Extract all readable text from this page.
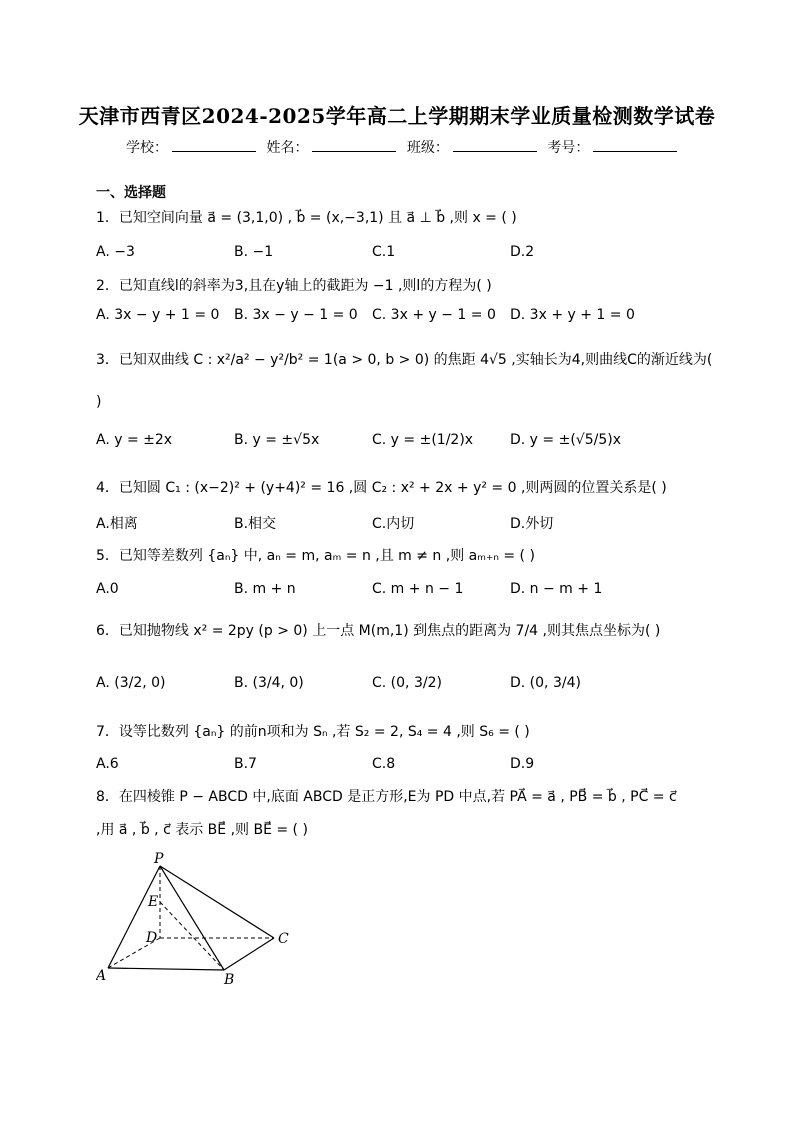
天津市西青区2024-2025学年高二上学期期末学业质量检测数学试卷
学校：	姓名：	班级：	考号：
一、选择题
1．已知空间向量 a⃗ = (3,1,0) , b⃗ = (x,−3,1) 且 a⃗ ⊥ b⃗ ,则 x = ( )
A. −3	B. −1	C.1	D.2
2．已知直线l的斜率为3,且在y轴上的截距为 −1 ,则l的方程为( )
A. 3x − y + 1 = 0 B. 3x − y − 1 = 0 C. 3x + y − 1 = 0 D. 3x + y + 1 = 0
3．已知双曲线 C : x²/a² − y²/b² = 1(a > 0, b > 0) 的焦距 4√5 ,实轴长为4,则曲线C的渐近线为(
)
A. y = ±2x	B. y = ±√5x	C. y = ±(1/2)x	D. y = ±(√5/5)x
4．已知圆 C₁ : (x−2)² + (y+4)² = 16 ,圆 C₂ : x² + 2x + y² = 0 ,则两圆的位置关系是( )
A.相离	B.相交	C.内切	D.外切
5．已知等差数列 {aₙ} 中, aₙ = m, aₘ = n ,且 m ≠ n ,则 aₘ₊ₙ = ( )
A.0	B. m + n	C. m + n − 1	D. n − m + 1
6．已知抛物线 x² = 2py (p > 0) 上一点 M(m,1) 到焦点的距离为 7/4 ,则其焦点坐标为( )
A. (3/2, 0)	B. (3/4, 0)	C. (0, 3/2)	D. (0, 3/4)
7．设等比数列 {aₙ} 的前n项和为 Sₙ ,若 S₂ = 2, S₄ = 4 ,则 S₆ = ( )
A.6	B.7	C.8	D.9
8．在四棱锥 P − ABCD 中,底面 ABCD 是正方形,E为 PD 中点,若 PA⃗ = a⃗ , PB⃗ = b⃗ , PC⃗ = c⃗
,用 a⃗ , b⃗ , c⃗ 表示 BE⃗ ,则 BE⃗ = ( )
P
E
D	C
A	B
